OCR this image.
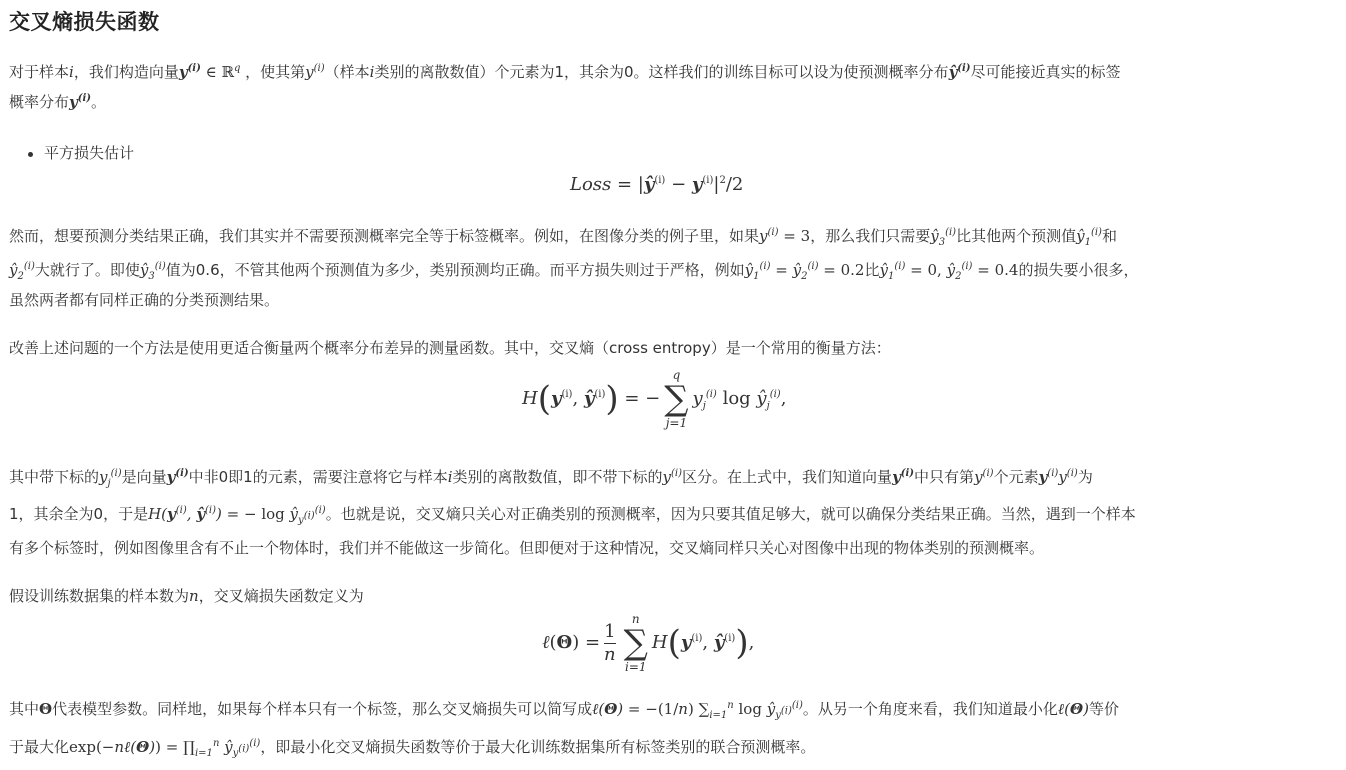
交叉熵损失函数
对于样本i，我们构造向量$y^{(i)}$ ∈ ℝ$^q$ ，使其第$y^{(i)}$（样本i类别的离散数值）个元素为1，其余为0。这样我们的训练目标可以设为使预测概率分布$ŷ^{(i)}$尽可能接近真实的标签
概率分布$y^{(i)}$。
平方损失估计
Loss = $|ŷ^{(i)} - y^{(i)}|^2/2$
然而，想要预测分类结果正确，我们其实并不需要预测概率完全等于标签概率。例如，在图像分类的例子里，如果$y^{(i)} = 3$，那么我们只需要$ŷ_3^{(i)}$比其他两个预测值$ŷ_1^{(i)}$和
$ŷ_2^{(i)}$大就行了。即使$ŷ_3^{(i)}$值为0.6，不管其他两个预测值为多少，类别预测均正确。而平方损失则过于严格，例如$ŷ_1^{(i)}$ = $ŷ_2^{(i)} = 0.2$比$ŷ_1^{(i)} = 0$, $ŷ_2^{(i)} = 0.4$的损失要小很多，
虽然两者都有同样正确的分类预测结果。
改善上述问题的一个方法是使用更适合衡量两个概率分布差异的测量函数。其中，交叉熵（cross entropy）是一个常用的衡量方法：
$H(y^{(i)}$, $ŷ^{(i)}$) = −
q
∑
j=1
$y_j^{(i)}$ $\log ŷ_j^{(i)}$,
其中带下标的$y_j^{(i)}$是向量$y^{(i)}$中非0即1的元素，需要注意将它与样本i类别的离散数值，即不带下标的$y^{(i)}$区分。在上式中，我们知道向量$y^{(i)}$中只有第$y^{(i)}$个元素$y^{(i)}y^{(i)}$为
1，其余全为0，于是$H(y^{(i)}$, $ŷ^{(i)}$) = − $\log ŷ_{y^{(i)}}^{(i)}$。也就是说，交叉熵只关心对正确类别的预测概率，因为只要其值足够大，就可以确保分类结果正确。当然，遇到一个样本
有多个标签时，例如图像里含有不止一个物体时，我们并不能做这一步简化。但即便对于这种情况，交叉熵同样只关心对图像中出现的物体类别的预测概率。
假设训练数据集的样本数为n，交叉熵损失函数定义为
ℓ(Θ) = $\frac{1}{n}$
n
∑
i=1
$H(y^{(i)}$, $ŷ^{(i)}$),
其中Θ代表模型参数。同样地，如果每个样本只有一个标签，那么交叉熵损失可以简写成ℓ(Θ) = −(1/n) $\sum_{i=1}^n$ $\log ŷ_{y^{(i)}}^{(i)}$。从另一个角度来看，我们知道最小化ℓ(Θ)等价
于最大化exp(−nℓ(Θ)) = $\prod_{i=1}^n$ $ŷ_{y^{(i)}}^{(i)}$，即最小化交叉熵损失函数等价于最大化训练数据集所有标签类别的联合预测概率。
